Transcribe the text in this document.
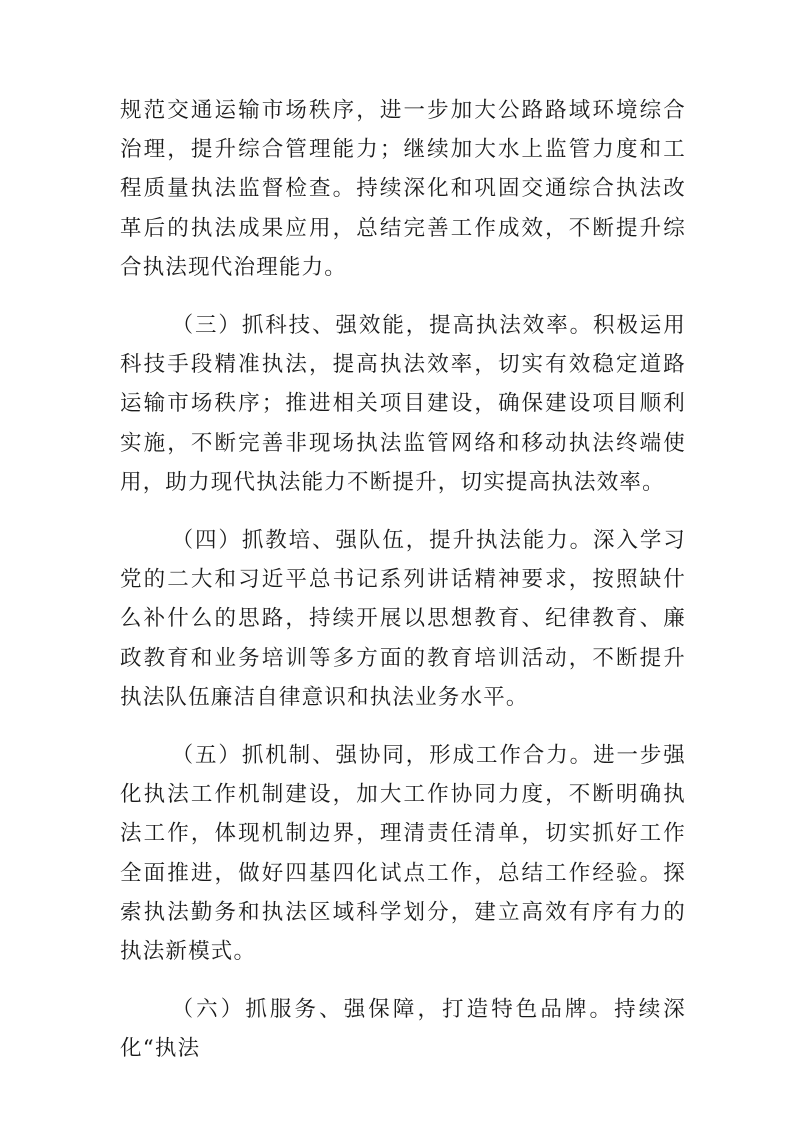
规范交通运输市场秩序，进一步加大公路路域环境综合治理，提升综合管理能力；继续加大水上监管力度和工程质量执法监督检查。持续深化和巩固交通综合执法改革后的执法成果应用，总结完善工作成效，不断提升综合执法现代治理能力。

（三）抓科技、强效能，提高执法效率。积极运用科技手段精准执法，提高执法效率，切实有效稳定道路运输市场秩序；推进相关项目建设，确保建设项目顺利实施，不断完善非现场执法监管网络和移动执法终端使用，助力现代执法能力不断提升，切实提高执法效率。

（四）抓教培、强队伍，提升执法能力。深入学习党的二大和习近平总书记系列讲话精神要求，按照缺什么补什么的思路，持续开展以思想教育、纪律教育、廉政教育和业务培训等多方面的教育培训活动，不断提升执法队伍廉洁自律意识和执法业务水平。

（五）抓机制、强协同，形成工作合力。进一步强化执法工作机制建设，加大工作协同力度，不断明确执法工作，体现机制边界，理清责任清单，切实抓好工作全面推进，做好四基四化试点工作，总结工作经验。探索执法勤务和执法区域科学划分，建立高效有序有力的执法新模式。

（六）抓服务、强保障，打造特色品牌。持续深化“执法
